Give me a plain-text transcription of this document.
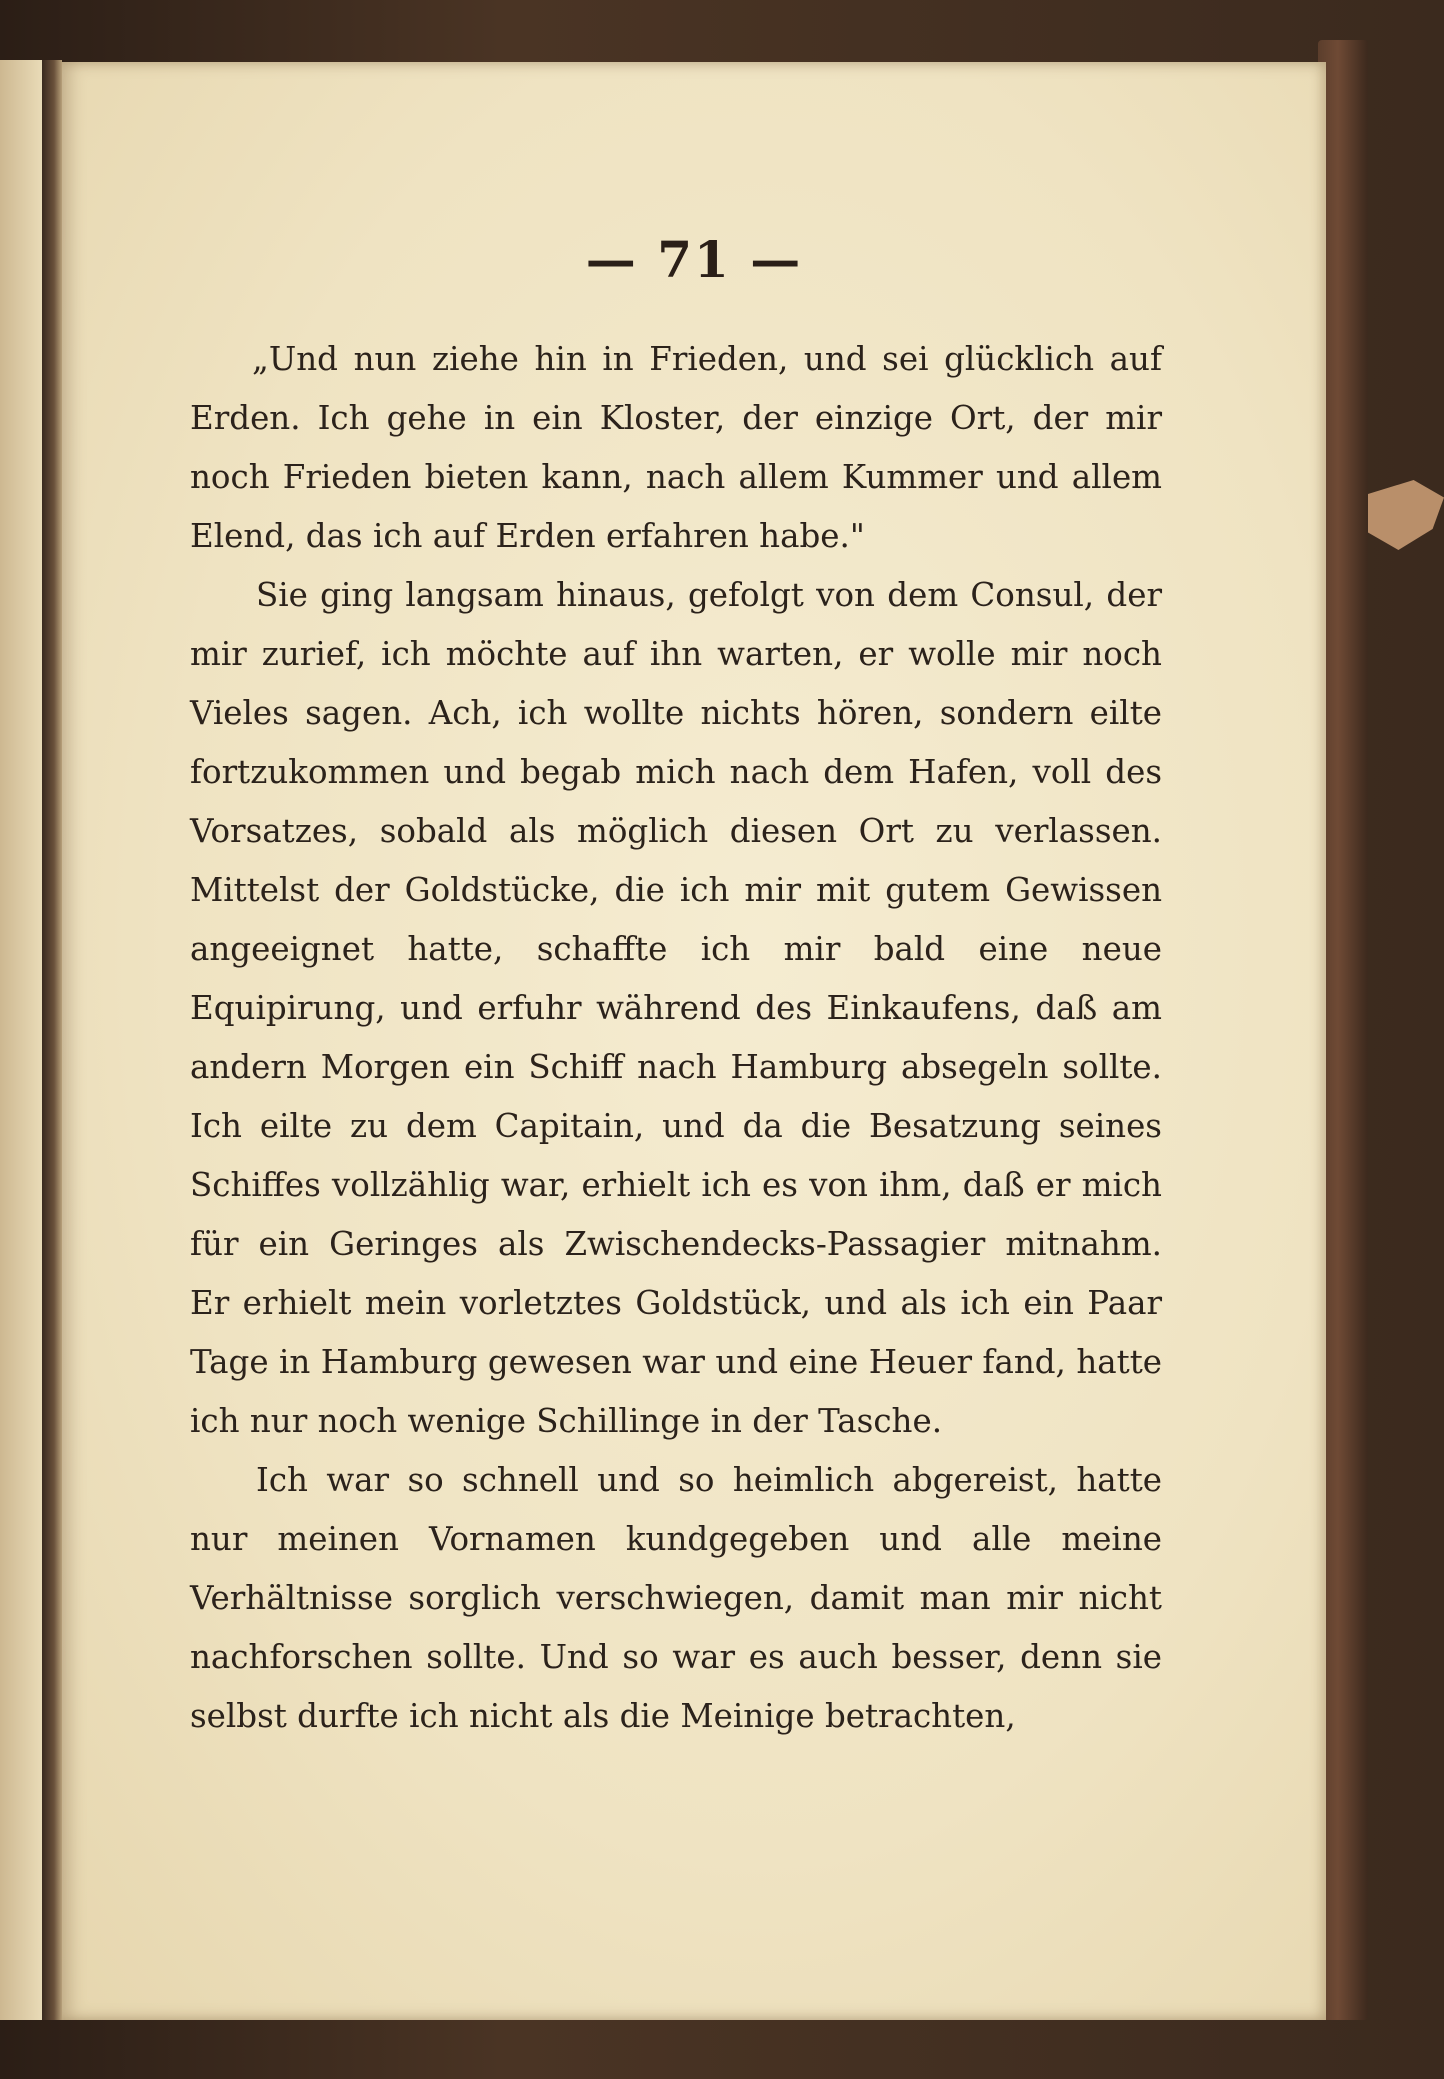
— 71 —

„Und nun ziehe hin in Frieden, und sei glücklich auf Erden. Ich gehe in ein Kloster, der einzige Ort, der mir noch Frieden bieten kann, nach allem Kummer und allem Elend, das ich auf Erden erfahren habe."

Sie ging langsam hinaus, gefolgt von dem Consul, der mir zurief, ich möchte auf ihn warten, er wolle mir noch Vieles sagen. Ach, ich wollte nichts hören, sondern eilte fortzukommen und begab mich nach dem Hafen, voll des Vorsatzes, sobald als möglich diesen Ort zu verlassen. Mittelst der Goldstücke, die ich mir mit gutem Gewissen angeeignet hatte, schaffte ich mir bald eine neue Equipirung, und erfuhr während des Einkaufens, daß am andern Morgen ein Schiff nach Hamburg absegeln sollte. Ich eilte zu dem Capitain, und da die Besatzung seines Schiffes vollzählig war, erhielt ich es von ihm, daß er mich für ein Geringes als Zwischendecks-Passagier mitnahm. Er erhielt mein vorletztes Goldstück, und als ich ein Paar Tage in Hamburg gewesen war und eine Heuer fand, hatte ich nur noch wenige Schillinge in der Tasche.

Ich war so schnell und so heimlich abgereist, hatte nur meinen Vornamen kundgegeben und alle meine Verhältnisse sorglich verschwiegen, damit man mir nicht nachforschen sollte. Und so war es auch besser, denn sie selbst durfte ich nicht als die Meinige betrachten,
